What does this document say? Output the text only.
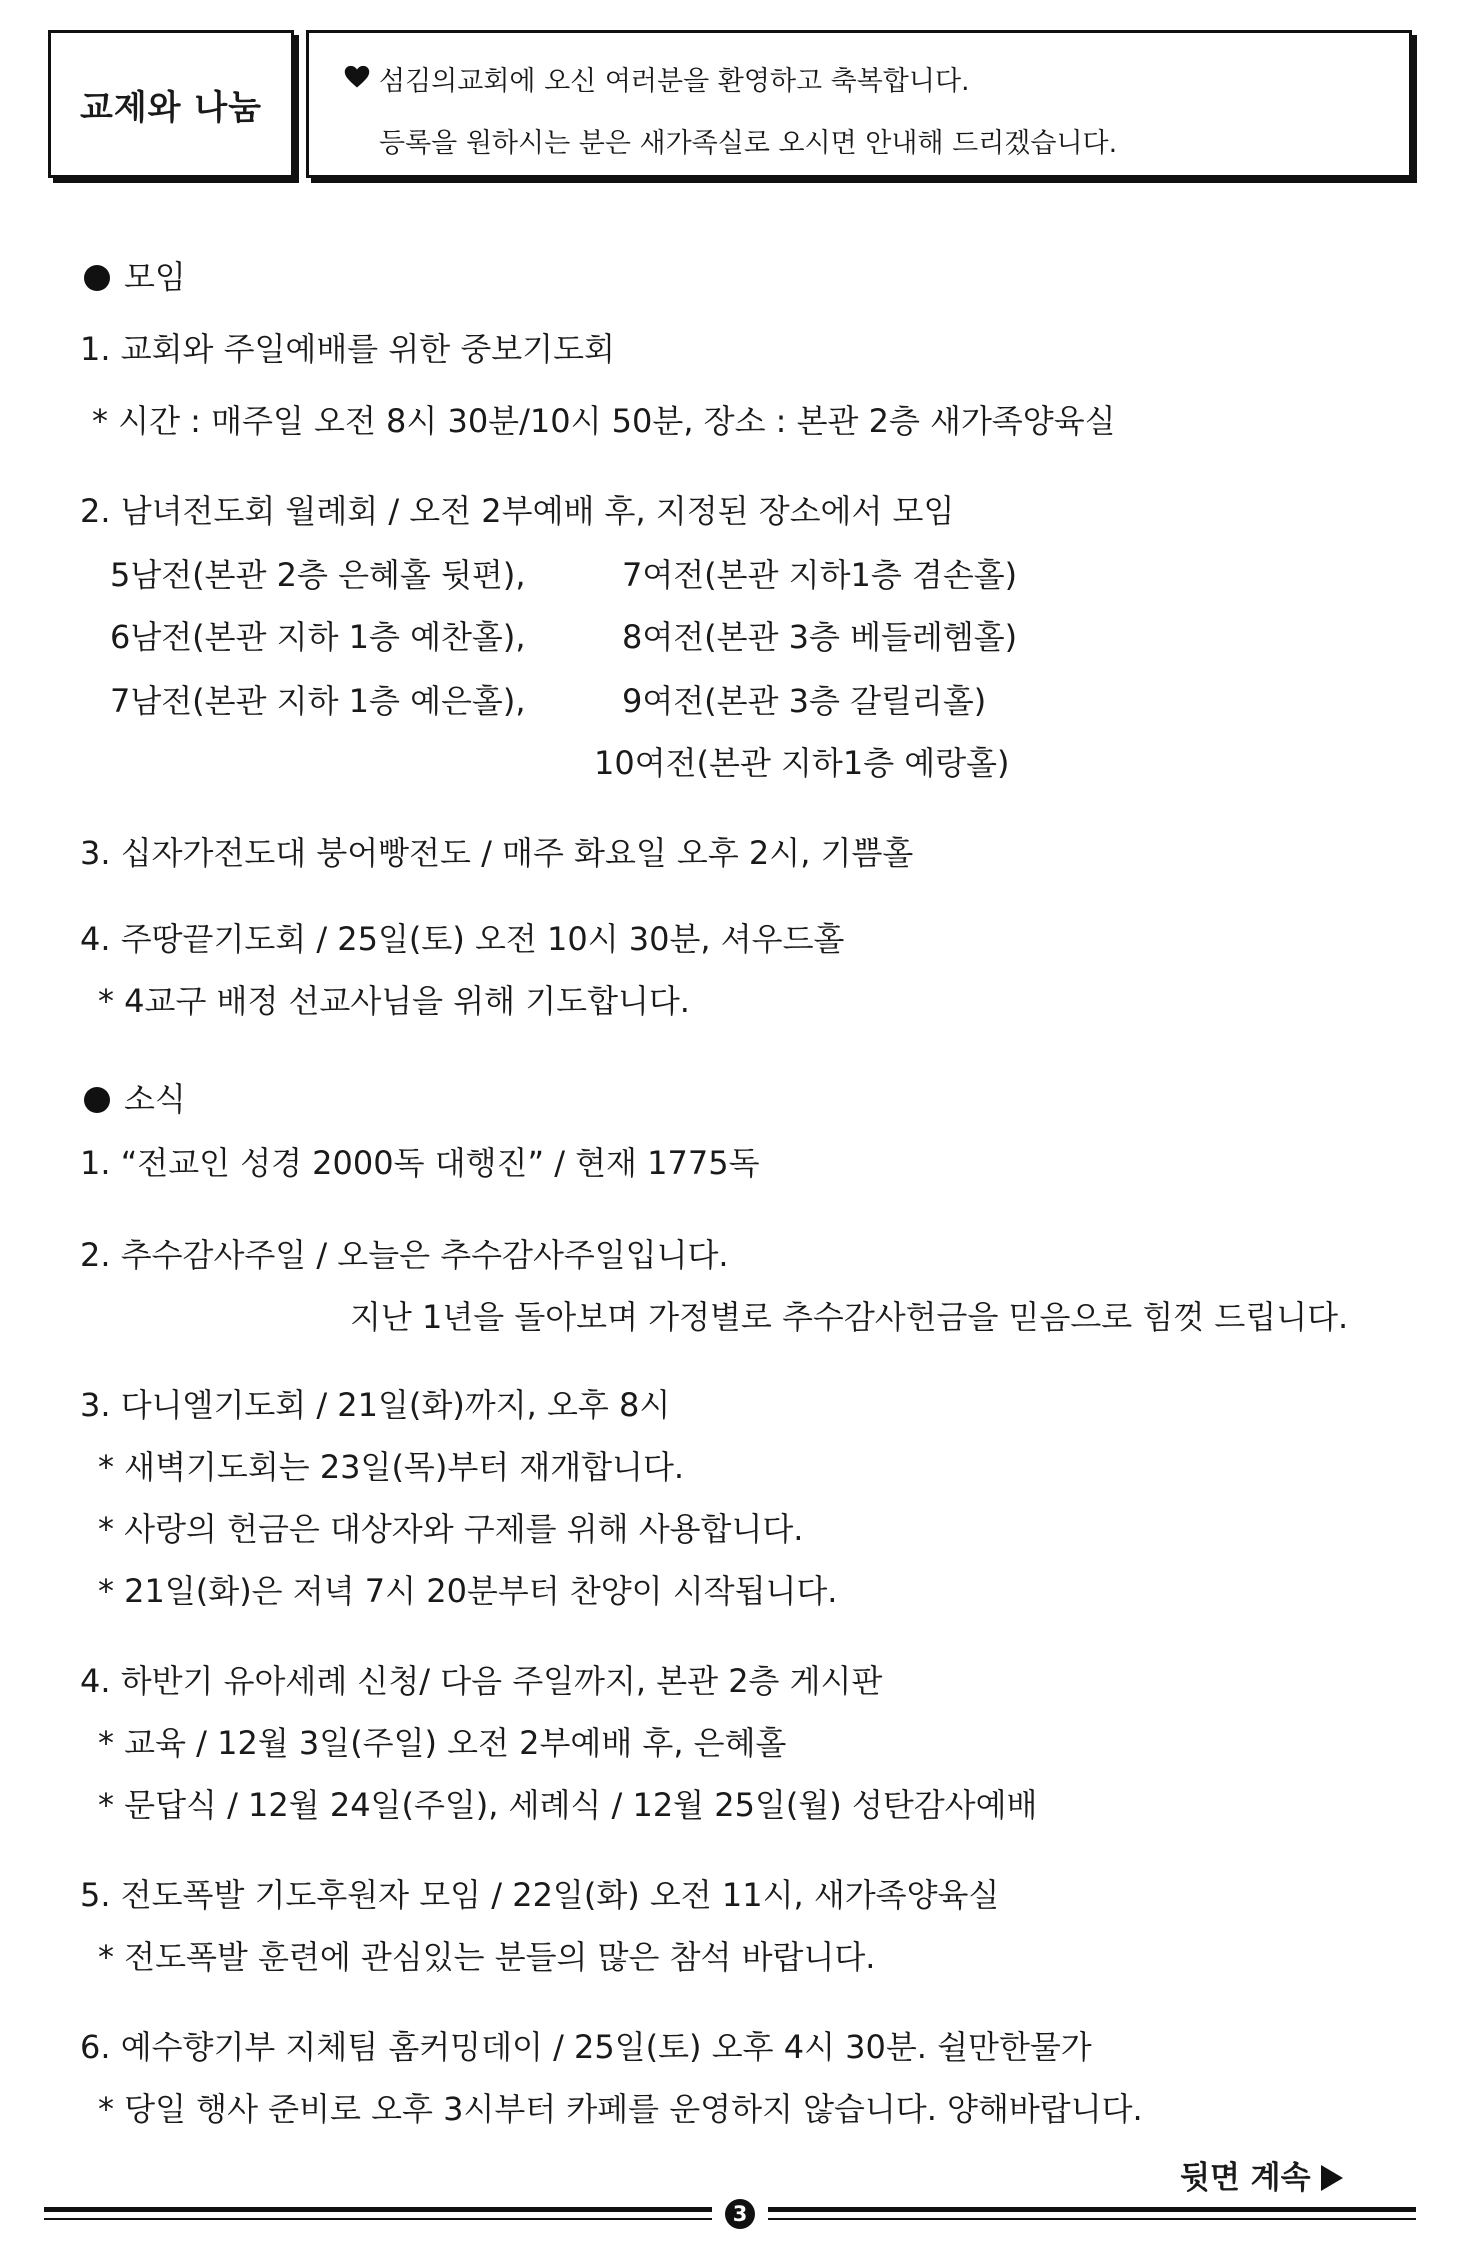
교제와 나눔
섬김의교회에 오신 여러분을 환영하고 축복합니다.
등록을 원하시는 분은 새가족실로 오시면 안내해 드리겠습니다.
모임
1. 교회와 주일예배를 위한 중보기도회
* 시간 : 매주일 오전 8시 30분/10시 50분, 장소 : 본관 2층 새가족양육실
2. 남녀전도회 월례회 / 오전 2부예배 후, 지정된 장소에서 모임
5남전(본관 2층 은혜홀 뒷편),	7여전(본관 지하1층 겸손홀)
6남전(본관 지하 1층 예찬홀),	8여전(본관 3층 베들레헴홀)
7남전(본관 지하 1층 예은홀),	9여전(본관 3층 갈릴리홀)
10여전(본관 지하1층 예랑홀)
3. 십자가전도대 붕어빵전도 / 매주 화요일 오후 2시, 기쁨홀
4. 주땅끝기도회 / 25일(토) 오전 10시 30분, 셔우드홀
* 4교구 배정 선교사님을 위해 기도합니다.
소식
1. “전교인 성경 2000독 대행진” / 현재 1775독
2. 추수감사주일 / 오늘은 추수감사주일입니다.
지난 1년을 돌아보며 가정별로 추수감사헌금을 믿음으로 힘껏 드립니다.
3. 다니엘기도회 / 21일(화)까지, 오후 8시
* 새벽기도회는 23일(목)부터 재개합니다.
* 사랑의 헌금은 대상자와 구제를 위해 사용합니다.
* 21일(화)은 저녁 7시 20분부터 찬양이 시작됩니다.
4. 하반기 유아세례 신청/ 다음 주일까지, 본관 2층 게시판
* 교육 / 12월 3일(주일) 오전 2부예배 후, 은혜홀
* 문답식 / 12월 24일(주일), 세례식 / 12월 25일(월) 성탄감사예배
5. 전도폭발 기도후원자 모임 / 22일(화) 오전 11시, 새가족양육실
* 전도폭발 훈련에 관심있는 분들의 많은 참석 바랍니다.
6. 예수향기부 지체팀 홈커밍데이 / 25일(토) 오후 4시 30분. 쉴만한물가
* 당일 행사 준비로 오후 3시부터 카페를 운영하지 않습니다. 양해바랍니다.
뒷면 계속
3
